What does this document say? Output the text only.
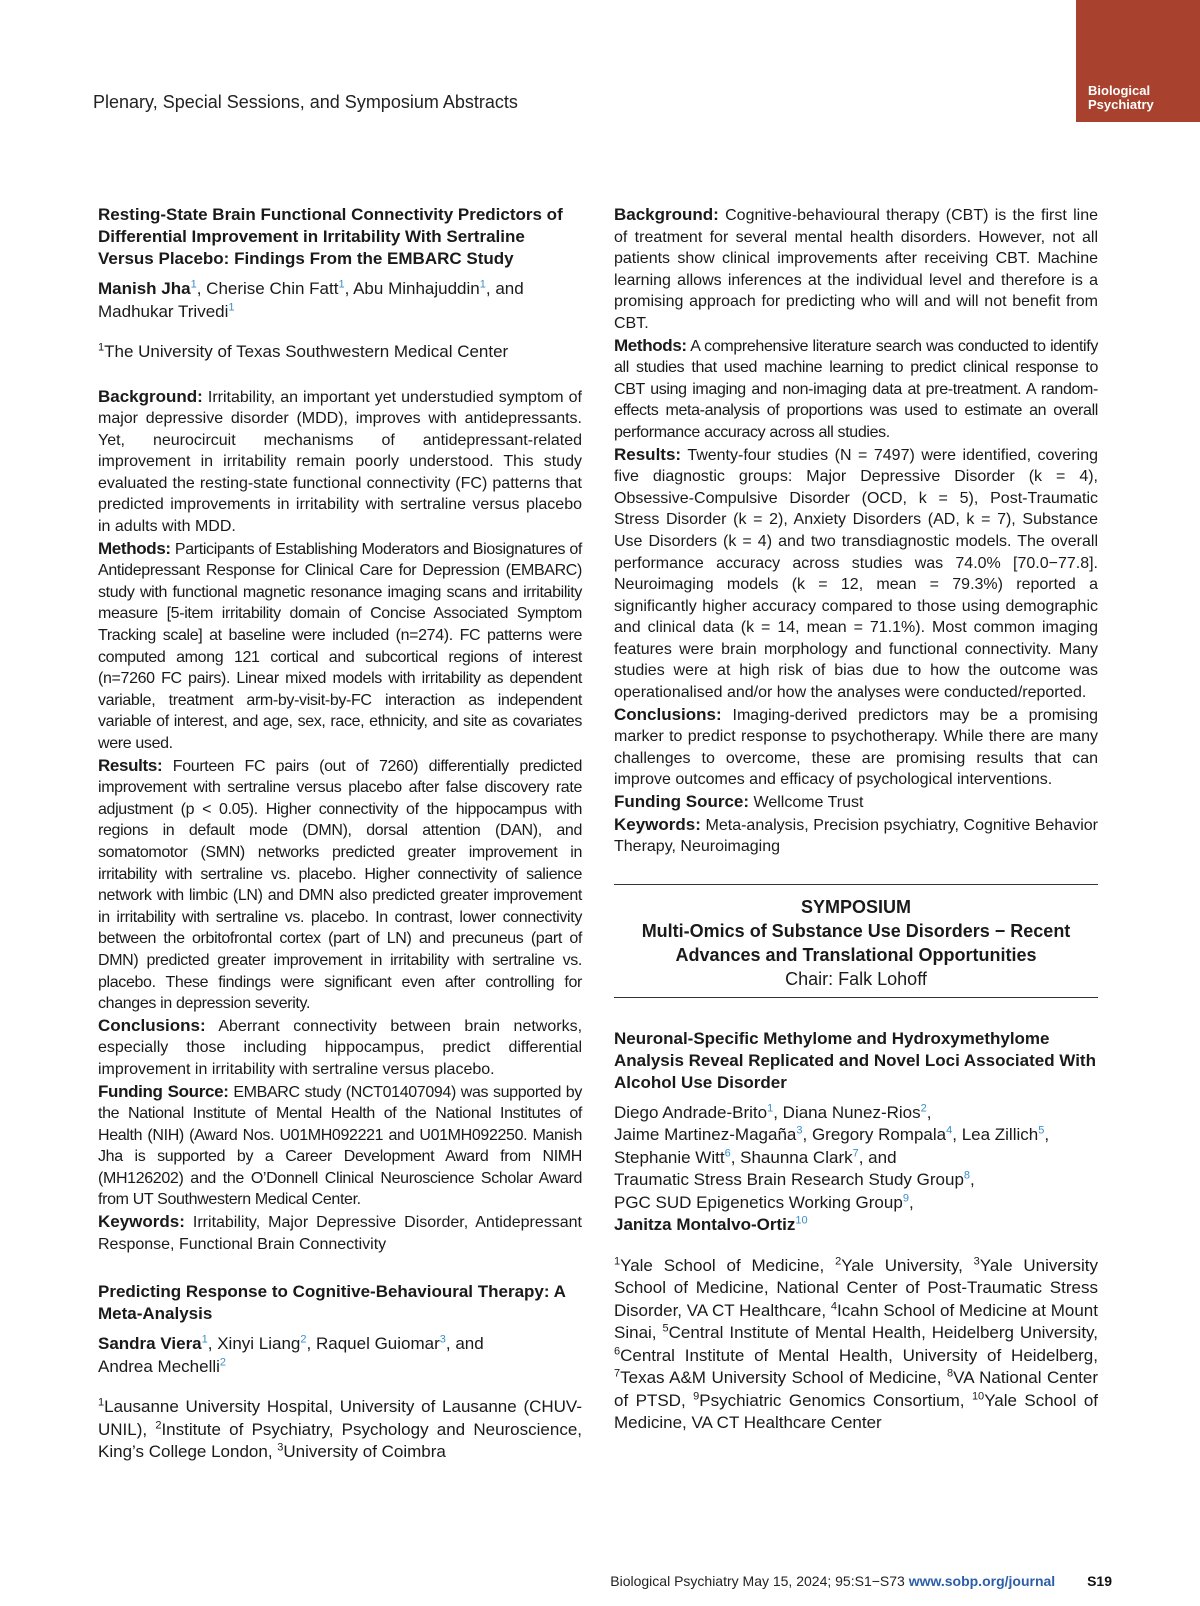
Plenary, Special Sessions, and Symposium Abstracts
Biological
Psychiatry
Resting-State Brain Functional Connectivity Predictors of Differential Improvement in Irritability With Sertraline Versus Placebo: Findings From the EMBARC Study
Manish Jha$^1$, Cherise Chin Fatt$^1$, Abu Minhajuddin$^1$, and
Madhukar Trivedi$^1$
$^1$The University of Texas Southwestern Medical Center

Background: Irritability, an important yet understudied symptom of major depressive disorder (MDD), improves with antidepressants. Yet, neurocircuit mechanisms of antidepressant-related improvement in irritability remain poorly understood. This study evaluated the resting-state functional connectivity (FC) patterns that predicted improvements in irritability with sertraline versus placebo in adults with MDD.

Methods: Participants of Establishing Moderators and Biosignatures of Antidepressant Response for Clinical Care for Depression (EMBARC) study with functional magnetic resonance imaging scans and irritability measure [5-item irritability domain of Concise Associated Symptom Tracking scale] at baseline were included (n=274). FC patterns were computed among 121 cortical and subcortical regions of interest (n=7260 FC pairs). Linear mixed models with irritability as dependent variable, treatment arm-by-visit-by-FC interaction as independent variable of interest, and age, sex, race, ethnicity, and site as covariates were used.

Results: Fourteen FC pairs (out of 7260) differentially predicted improvement with sertraline versus placebo after false discovery rate adjustment (p < 0.05). Higher connectivity of the hippocampus with regions in default mode (DMN), dorsal attention (DAN), and somatomotor (SMN) networks predicted greater improvement in irritability with sertraline vs. placebo. Higher connectivity of salience network with limbic (LN) and DMN also predicted greater improvement in irritability with sertraline vs. placebo. In contrast, lower connectivity between the orbitofrontal cortex (part of LN) and precuneus (part of DMN) predicted greater improvement in irritability with sertraline vs. placebo. These findings were significant even after controlling for changes in depression severity.

Conclusions: Aberrant connectivity between brain networks, especially those including hippocampus, predict differential improvement in irritability with sertraline versus placebo.

Funding Source: EMBARC study (NCT01407094) was supported by the National Institute of Mental Health of the National Institutes of Health (NIH) (Award Nos. U01MH092221 and U01MH092250. Manish Jha is supported by a Career Development Award from NIMH (MH126202) and the O’Donnell Clinical Neuroscience Scholar Award from UT Southwestern Medical Center.

Keywords: Irritability, Major Depressive Disorder, Antidepressant Response, Functional Brain Connectivity

Predicting Response to Cognitive-Behavioural Therapy: A Meta-Analysis
Sandra Viera$^1$, Xinyi Liang$^2$, Raquel Guiomar$^3$, and
Andrea Mechelli$^2$
$^1$Lausanne University Hospital, University of Lausanne (CHUV-UNIL), $^2$Institute of Psychiatry, Psychology and Neuroscience, King’s College London, $^3$University of Coimbra

Background: Cognitive-behavioural therapy (CBT) is the first line of treatment for several mental health disorders. However, not all patients show clinical improvements after receiving CBT. Machine learning allows inferences at the individual level and therefore is a promising approach for predicting who will and will not benefit from CBT.

Methods: A comprehensive literature search was conducted to identify all studies that used machine learning to predict clinical response to CBT using imaging and non-imaging data at pre-treatment. A random-effects meta-analysis of proportions was used to estimate an overall performance accuracy across all studies.

Results: Twenty-four studies (N = 7497) were identified, covering five diagnostic groups: Major Depressive Disorder (k = 4), Obsessive-Compulsive Disorder (OCD, k = 5), Post-Traumatic Stress Disorder (k = 2), Anxiety Disorders (AD, k = 7), Substance Use Disorders (k = 4) and two transdiagnostic models. The overall performance accuracy across studies was 74.0% [70.0−77.8]. Neuroimaging models (k = 12, mean = 79.3%) reported a significantly higher accuracy compared to those using demographic and clinical data (k = 14, mean = 71.1%). Most common imaging features were brain morphology and functional connectivity. Many studies were at high risk of bias due to how the outcome was operationalised and/or how the analyses were conducted/reported.

Conclusions: Imaging-derived predictors may be a promising marker to predict response to psychotherapy. While there are many challenges to overcome, these are promising results that can improve outcomes and efficacy of psychological interventions.

Funding Source: Wellcome Trust

Keywords: Meta-analysis, Precision psychiatry, Cognitive Behavior Therapy, Neuroimaging

SYMPOSIUM
Multi-Omics of Substance Use Disorders − Recent Advances and Translational Opportunities
Chair: Falk Lohoff
Neuronal-Specific Methylome and Hydroxymethylome Analysis Reveal Replicated and Novel Loci Associated With Alcohol Use Disorder
Diego Andrade-Brito$^1$, Diana Nunez-Rios$^2$,
Jaime Martinez-Magaña$^3$, Gregory Rompala$^4$, Lea Zillich$^5$,
Stephanie Witt$^6$, Shaunna Clark$^7$, and
Traumatic Stress Brain Research Study Group$^8$,
PGC SUD Epigenetics Working Group$^9$,
Janitza Montalvo-Ortiz$^{10}$
$^1$Yale School of Medicine, $^2$Yale University, $^3$Yale University School of Medicine, National Center of Post-Traumatic Stress Disorder, VA CT Healthcare, $^4$Icahn School of Medicine at Mount Sinai, $^5$Central Institute of Mental Health, Heidelberg University, $^6$Central Institute of Mental Health, University of Heidelberg, $^7$Texas A&M University School of Medicine, $^8$VA National Center of PTSD, $^9$Psychiatric Genomics Consortium, $^{10}$Yale School of Medicine, VA CT Healthcare Center
Biological Psychiatry May 15, 2024; 95:S1−S73 www.sobp.org/journal S19
